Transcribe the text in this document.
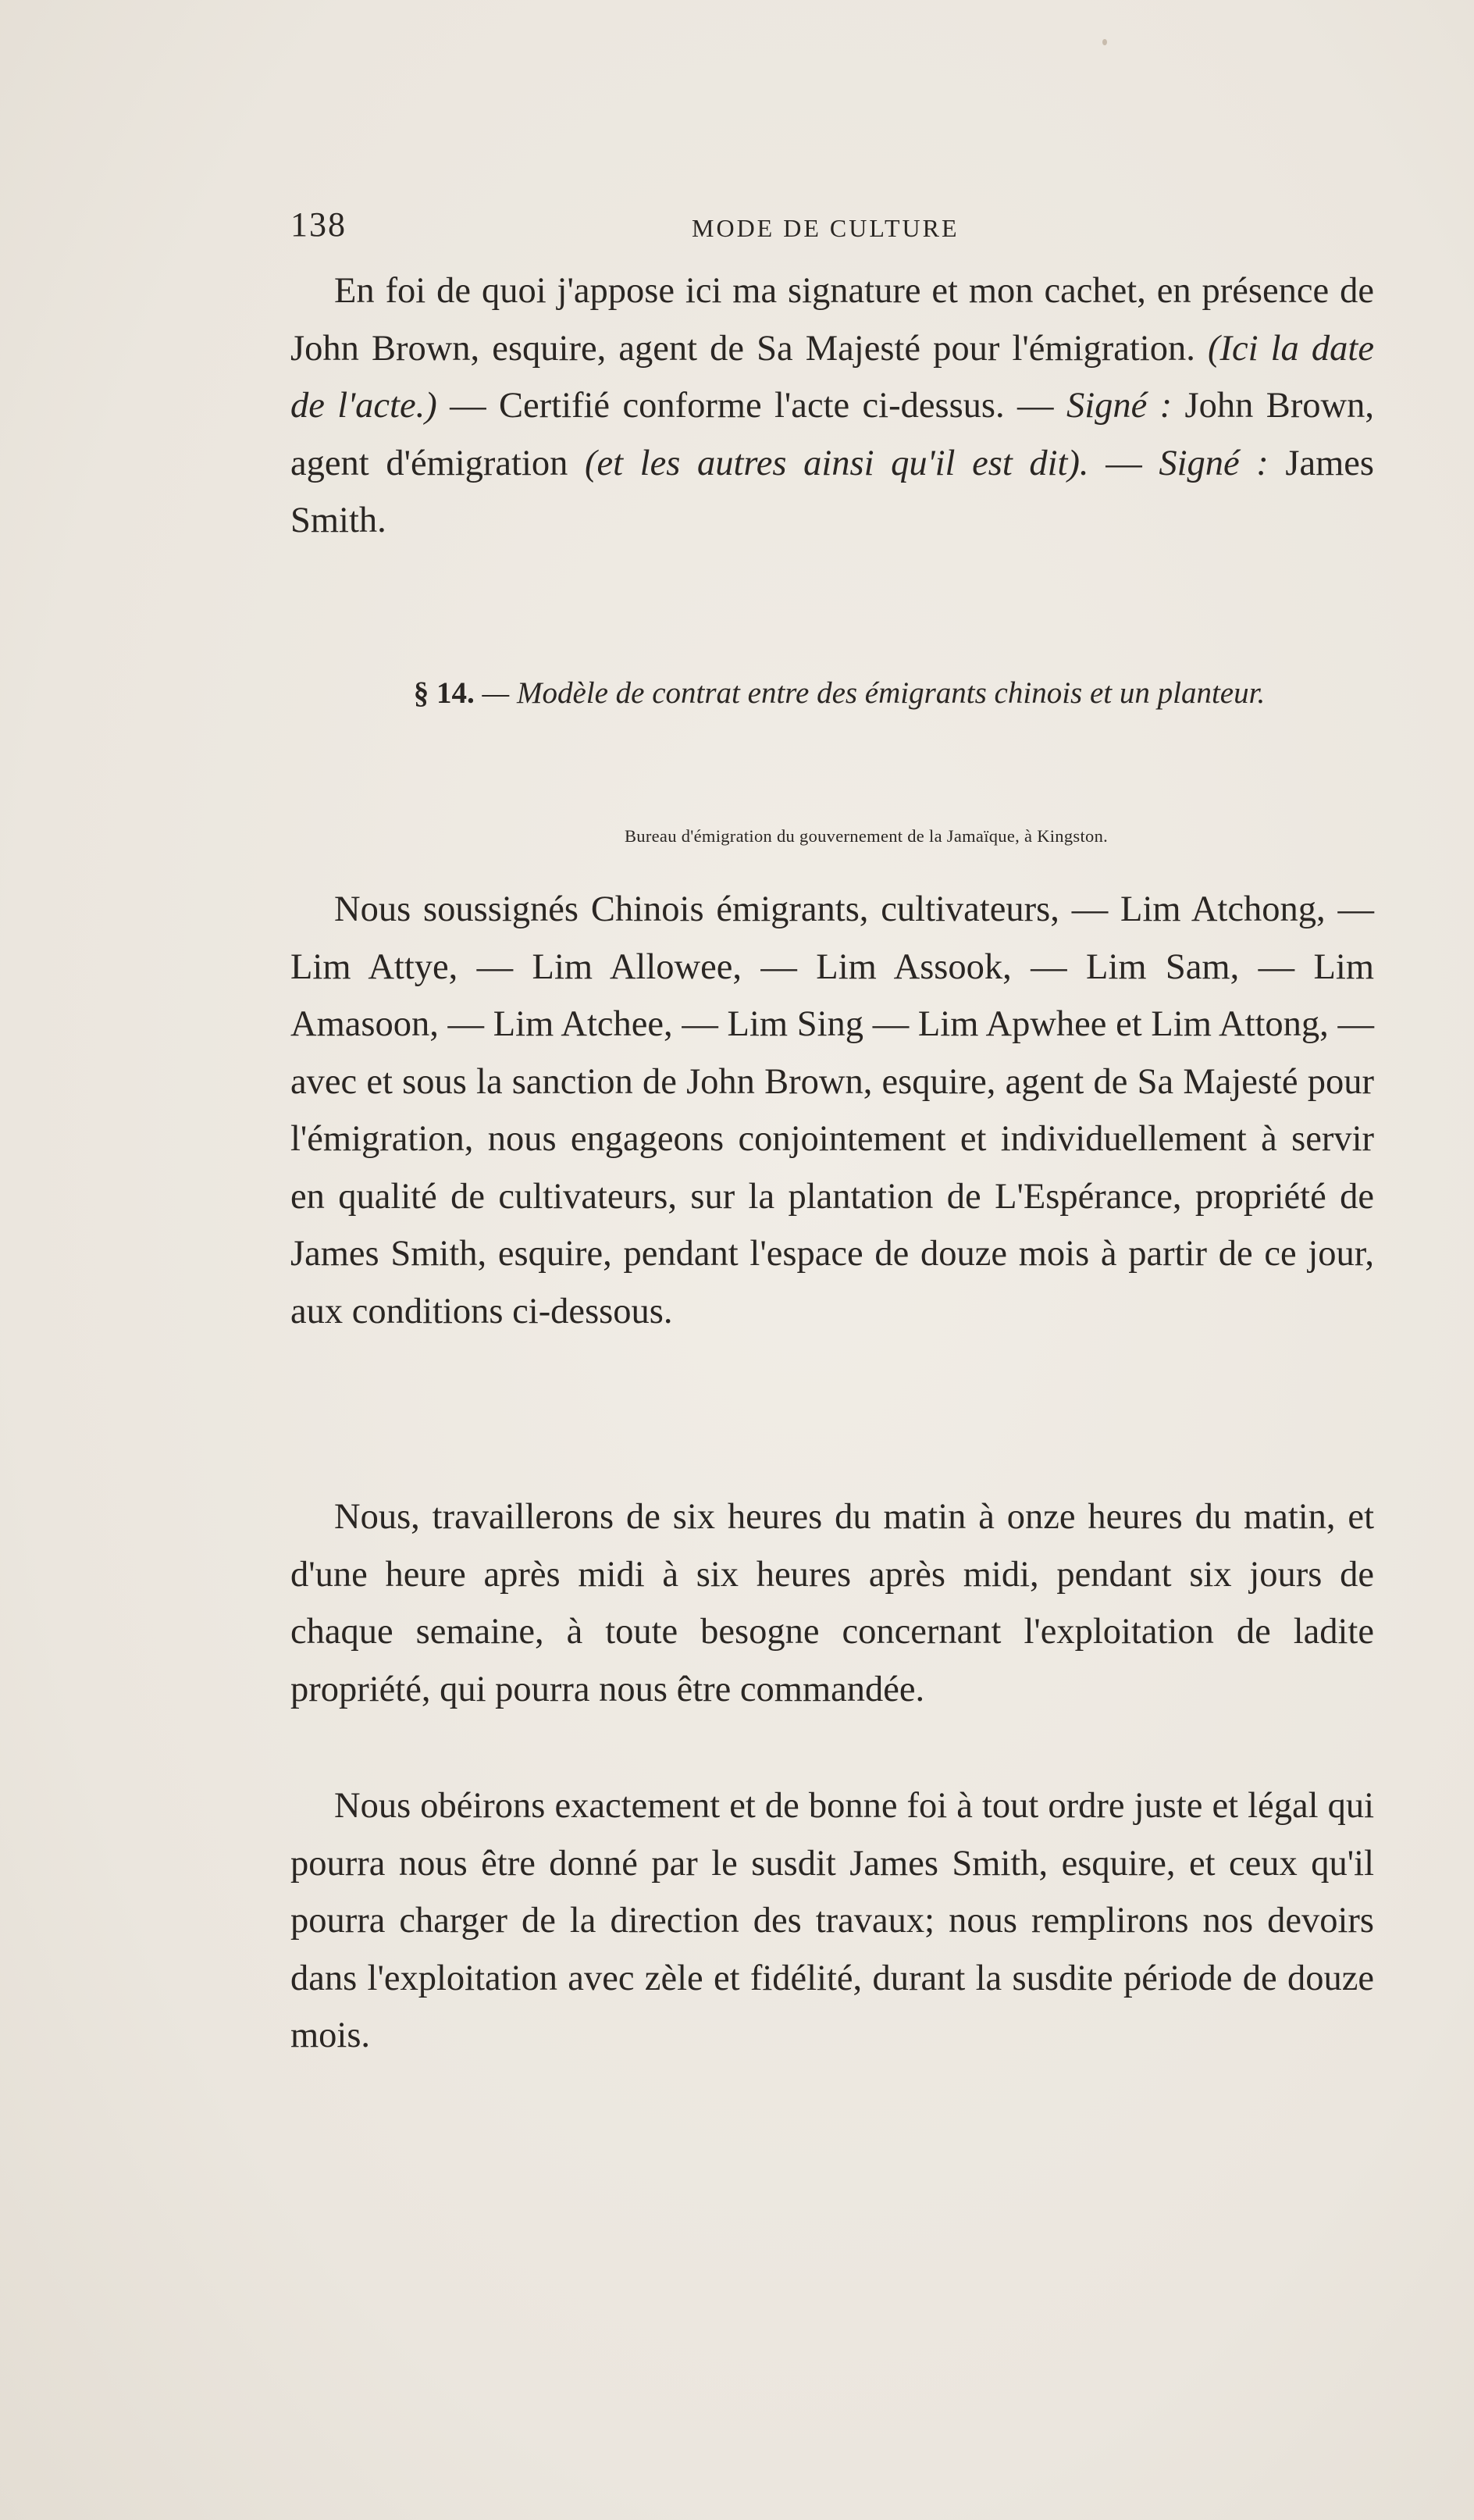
138	MODE DE CULTURE

En foi de quoi j'appose ici ma signature et mon cachet, en présence de John Brown, esquire, agent de Sa Majesté pour l'émigration. (Ici la date de l'acte.) — Certifié conforme l'acte ci-dessus. — Signé : John Brown, agent d'émigration (et les autres ainsi qu'il est dit). — Signé : James Smith.

§ 14. — Modèle de contrat entre des émigrants chinois et un planteur.

Bureau d'émigration du gouvernement de la Jamaïque, à Kingston.

Nous soussignés Chinois émigrants, cultivateurs, — Lim Atchong, — Lim Attye, — Lim Allowee, — Lim Assook, — Lim Sam, — Lim Amasoon, — Lim Atchee, — Lim Sing — Lim Apwhee et Lim Attong, — avec et sous la sanction de John Brown, esquire, agent de Sa Majesté pour l'émigration, nous engageons conjointement et individuellement à servir en qualité de cultivateurs, sur la plantation de L'Espérance, propriété de James Smith, esquire, pendant l'espace de douze mois à partir de ce jour, aux conditions ci-dessous.

Nous, travaillerons de six heures du matin à onze heures du matin, et d'une heure après midi à six heures après midi, pendant six jours de chaque semaine, à toute besogne concernant l'exploitation de ladite propriété, qui pourra nous être commandée.

Nous obéirons exactement et de bonne foi à tout ordre juste et légal qui pourra nous être donné par le susdit James Smith, esquire, et ceux qu'il pourra charger de la direction des travaux; nous remplirons nos devoirs dans l'exploitation avec zèle et fidélité, durant la susdite période de douze mois.
